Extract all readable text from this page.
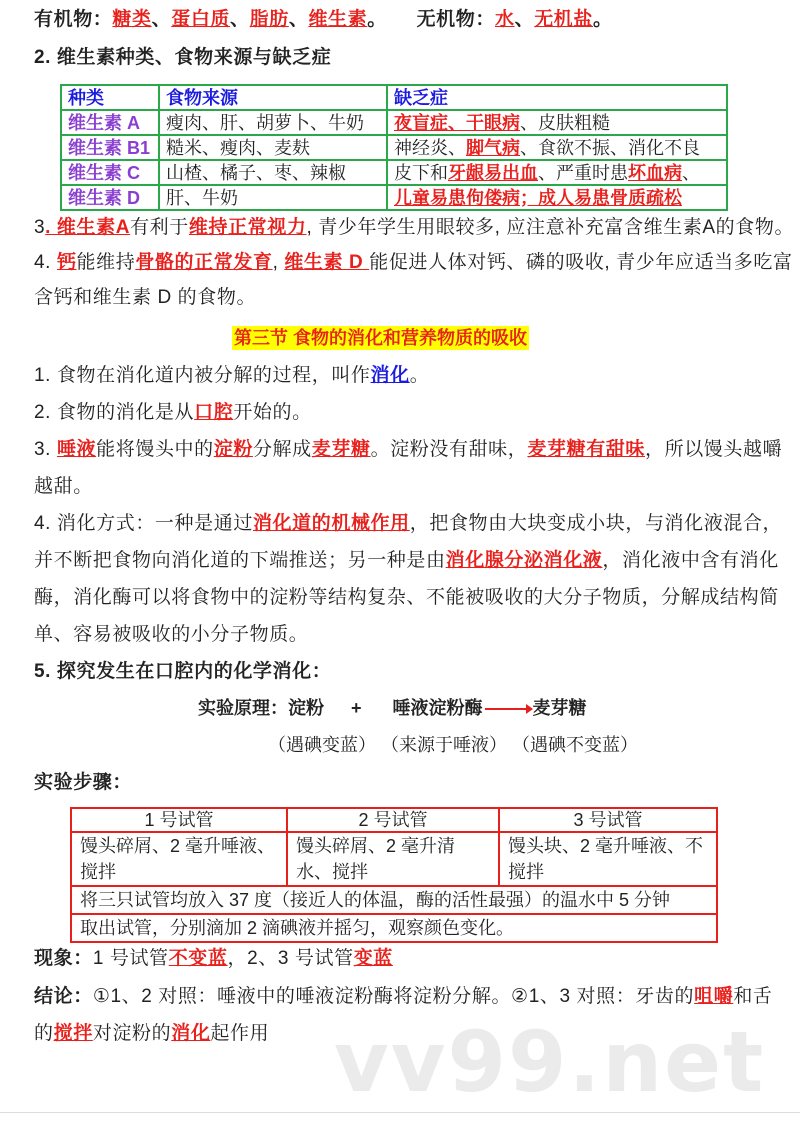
有机物：糖类、蛋白质、脂肪、维生素。　　无机物：水、无机盐。
2. 维生素种类、食物来源与缺乏症
种类	食物来源	缺乏症
维生素 A	瘦肉、肝、胡萝卜、牛奶	夜盲症、干眼病、皮肤粗糙
维生素 B1	糙米、瘦肉、麦麸	神经炎、脚气病、食欲不振、消化不良
维生素 C	山楂、橘子、枣、辣椒	皮下和牙龈易出血、严重时患坏血病、
维生素 D	肝、牛奶	儿童易患佝偻病；成人易患骨质疏松
3. 维生素A有利于维持正常视力, 青少年学生用眼较多, 应注意补充富含维生素A的食物。
4. 钙能维持骨骼的正常发育, 维生素 D 能促进人体对钙、磷的吸收, 青少年应适当多吃富
含钙和维生素 D 的食物。
第三节 食物的消化和营养物质的吸收
1. 食物在消化道内被分解的过程，叫作消化。
2. 食物的消化是从口腔开始的。
3. 唾液能将馒头中的淀粉分解成麦芽糖。淀粉没有甜味，麦芽糖有甜味，所以馒头越嚼
越甜。
4. 消化方式：一种是通过消化道的机械作用，把食物由大块变成小块，与消化液混合，
并不断把食物向消化道的下端推送；另一种是由消化腺分泌消化液，消化液中含有消化
酶，消化酶可以将食物中的淀粉等结构复杂、不能被吸收的大分子物质，分解成结构简
单、容易被吸收的小分子物质。
5. 探究发生在口腔内的化学消化：
实验原理：淀粉 + 唾液淀粉酶	麦芽糖
（遇碘变蓝） （来源于唾液） （遇碘不变蓝）
实验步骤：
1 号试管	2 号试管	3 号试管
馒头碎屑、2 毫升唾液、搅拌	馒头碎屑、2 毫升清水、搅拌	馒头块、2 毫升唾液、不搅拌
将三只试管均放入 37 度（接近人的体温，酶的活性最强）的温水中 5 分钟		
取出试管，分别滴加 2 滴碘液并摇匀，观察颜色变化。		
现象：1 号试管不变蓝，2、3 号试管变蓝
结论：①1、2 对照：唾液中的唾液淀粉酶将淀粉分解。②1、3 对照：牙齿的咀嚼和舌
的搅拌对淀粉的消化起作用 vv99.net
